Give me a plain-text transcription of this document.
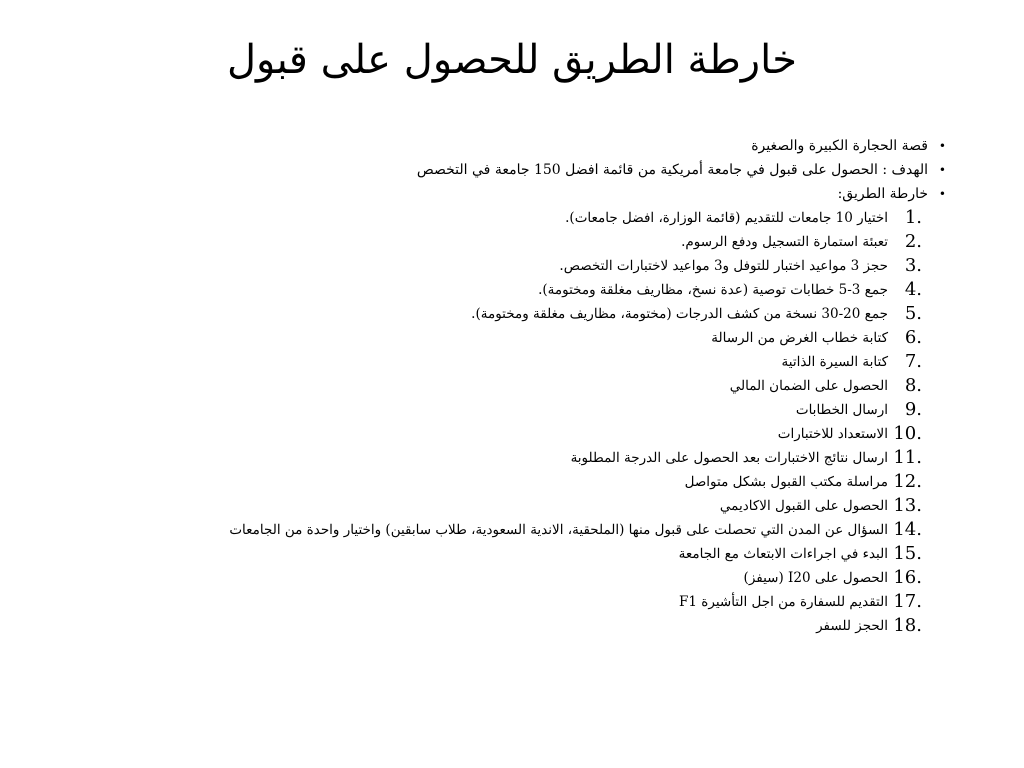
خارطة الطريق للحصول على قبول
•
قصة الحجارة الكبيرة والصغيرة
•
الهدف : الحصول على قبول في جامعة أمريكية من قائمة افضل 150 جامعة في التخصص
•
خارطة الطريق:
1.
اختيار 10 جامعات للتقديم (قائمة الوزارة، افضل جامعات).
2.
تعبئة استمارة التسجيل ودفع الرسوم.
3.
حجز 3 مواعيد اختبار للتوفل و3 مواعيد لاختبارات التخصص.
4.
جمع 3-5 خطابات توصية (عدة نسخ، مظاريف مغلقة ومختومة).
5.
جمع 20-30 نسخة من كشف الدرجات (مختومة، مظاريف مغلقة ومختومة).
6.
كتابة خطاب الغرض من الرسالة
7.
كتابة السيرة الذاتية
8.
الحصول على الضمان المالي
9.
ارسال الخطابات
10.
الاستعداد للاختبارات
11.
ارسال نتائج الاختبارات بعد الحصول على الدرجة المطلوبة
12.
مراسلة مكتب القبول بشكل متواصل
13.
الحصول على القبول الاكاديمي
14.
السؤال عن المدن التي تحصلت على قبول منها (الملحقية، الاندية السعودية، طلاب سابقين) واختيار واحدة من الجامعات
15.
البدء في اجراءات الابتعاث مع الجامعة
16.
الحصول على I20 (سيفز)
17.
التقديم للسفارة من اجل التأشيرة F1
18.
الحجز للسفر
